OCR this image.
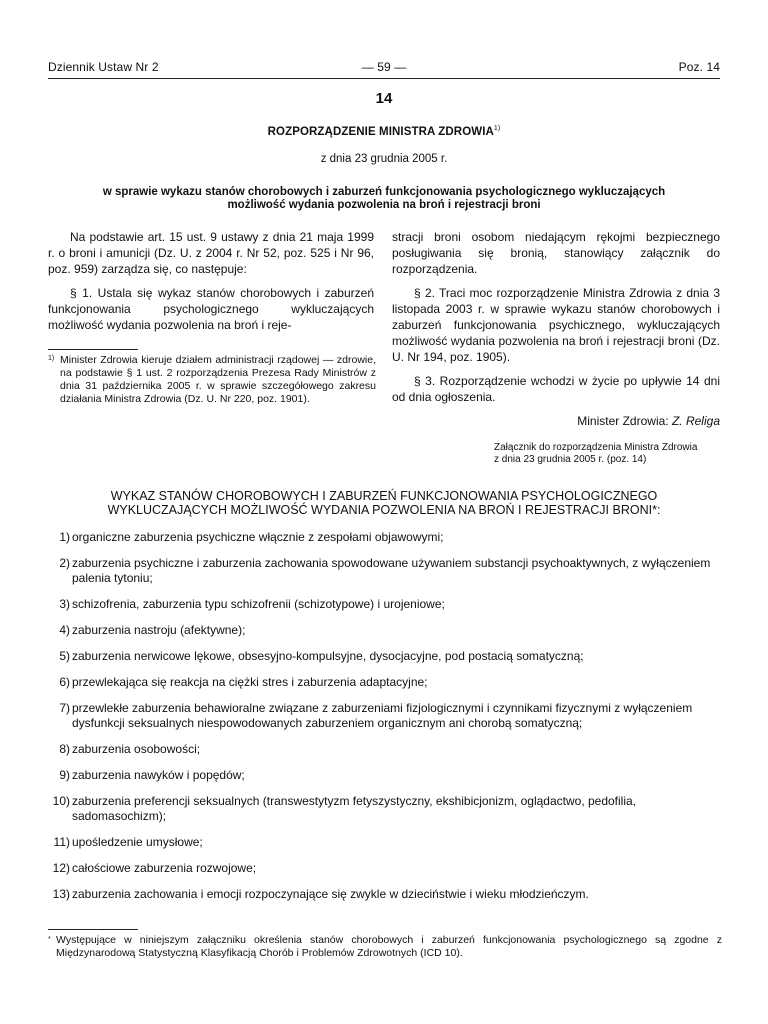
Dziennik Ustaw Nr 2	— 59 —	Poz. 14
14
ROZPORZĄDZENIE MINISTRA ZDROWIA$^{1)}$
z dnia 23 grudnia 2005 r.
w sprawie wykazu stanów chorobowych i zaburzeń funkcjonowania psychologicznego wykluczających
możliwość wydania pozwolenia na broń i rejestracji broni

Na podstawie art. 15 ust. 9 ustawy z dnia 21 maja 1999 r. o broni i amunicji (Dz. U. z 2004 r. Nr 52, poz. 525 i Nr 96, poz. 959) zarządza się, co następuje:

§ 1. Ustala się wykaz stanów chorobowych i zaburzeń funkcjonowania psychologicznego wykluczających możliwość wydania pozwolenia na broń i reje-

1) Minister Zdrowia kieruje działem administracji rządowej — zdrowie, na podstawie § 1 ust. 2 rozporządzenia Prezesa Rady Ministrów z dnia 31 października 2005 r. w sprawie szczegółowego zakresu działania Ministra Zdrowia (Dz. U. Nr 220, poz. 1901).

stracji broni osobom niedającym rękojmi bezpiecznego posługiwania się bronią, stanowiący załącznik do rozporządzenia.

§ 2. Traci moc rozporządzenie Ministra Zdrowia z dnia 3 listopada 2003 r. w sprawie wykazu stanów chorobowych i zaburzeń funkcjonowania psychicznego, wykluczających możliwość wydania pozwolenia na broń i rejestracji broni (Dz. U. Nr 194, poz. 1905).

§ 3. Rozporządzenie wchodzi w życie po upływie 14 dni od dnia ogłoszenia.

Minister Zdrowia: Z. Religa

Załącznik do rozporządzenia Ministra Zdrowia
z dnia 23 grudnia 2005 r. (poz. 14)
WYKAZ STANÓW CHOROBOWYCH I ZABURZEŃ FUNKCJONOWANIA PSYCHOLOGICZNEGO
WYKLUCZAJĄCYCH MOŻLIWOŚĆ WYDANIA POZWOLENIA NA BROŃ I REJESTRACJI BRONI*:
1) organiczne zaburzenia psychiczne włącznie z zespołami objawowymi;
2) zaburzenia psychiczne i zaburzenia zachowania spowodowane używaniem substancji psychoaktywnych, z wyłączeniem palenia tytoniu;
3) schizofrenia, zaburzenia typu schizofrenii (schizotypowe) i urojeniowe;
4) zaburzenia nastroju (afektywne);
5) zaburzenia nerwicowe lękowe, obsesyjno-kompulsyjne, dysocjacyjne, pod postacią somatyczną;
6) przewlekająca się reakcja na ciężki stres i zaburzenia adaptacyjne;
7) przewlekłe zaburzenia behawioralne związane z zaburzeniami fizjologicznymi i czynnikami fizycznymi z wyłączeniem dysfunkcji seksualnych niespowodowanych zaburzeniem organicznym ani chorobą somatyczną;
8) zaburzenia osobowości;
9) zaburzenia nawyków i popędów;
10) zaburzenia preferencji seksualnych (transwestytyzm fetyszystyczny, ekshibicjonizm, oglądactwo, pedofilia, sadomasochizm);
11) upośledzenie umysłowe;
12) całościowe zaburzenia rozwojowe;
13) zaburzenia zachowania i emocji rozpoczynające się zwykle w dzieciństwie i wieku młodzieńczym.
* Występujące w niniejszym załączniku określenia stanów chorobowych i zaburzeń funkcjonowania psychologicznego są zgodne z Międzynarodową Statystyczną Klasyfikacją Chorób i Problemów Zdrowotnych (ICD 10).
